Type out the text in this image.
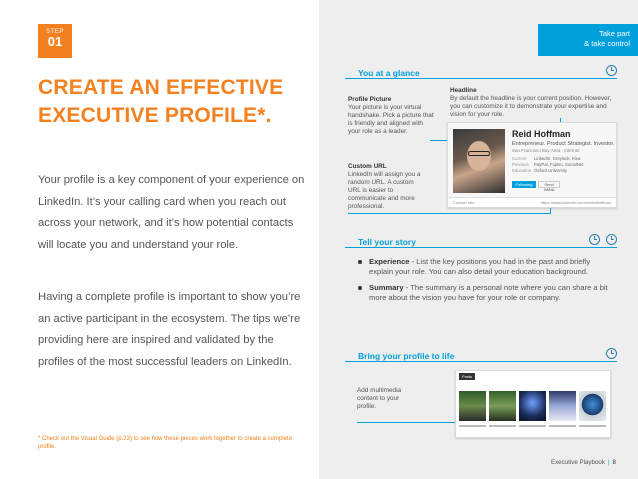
STEP
01
CREATE AN EFFECTIVE
EXECUTIVE PROFILE*.

Your profile is a key component of your experience on LinkedIn. It’s your calling card when you reach out across your network, and it’s how potential contacts will locate you and understand your role.

Having a complete profile is important to show you’re an active participant in the ecosystem. The tips we’re providing here are inspired and validated by the profiles of the most successful leaders on LinkedIn.

* Check out the Visual Guide (p.23) to see how these pieces work together to create a complete profile.

Take part
& take control
You at a glance
Profile Picture
Your picture is your virtual handshake. Pick a picture that is friendly and aligned with your role as a leader.
Headline
By default the headline is your current position. However, you can customize it to demonstrate your expertise and vision for your role.
Custom URL
LinkedIn will assign you a random URL. A custom URL is easier to communicate and more professional.
Reid Hoffman
Entrepreneur. Product Strategist. Investor.
San Francisco Bay Area · Internet
Current	LinkedIn, Greylock, Kiva
Previous	PayPal, Fujitsu, SocialNet
Education Oxford University
Following	Send InMail
Contact Info	https://www.linkedin.com/in/reidhoffman
Tell your story

Experience - List the key positions you had in the past and briefly explain your role. You can also detail your education background.
Summary - The summary is a personal note where you can share a bit more about the vision you have for your role or company.
Bring your profile to life
Add multimedia content to your profile.
Posts
Executive Playbook | 8
